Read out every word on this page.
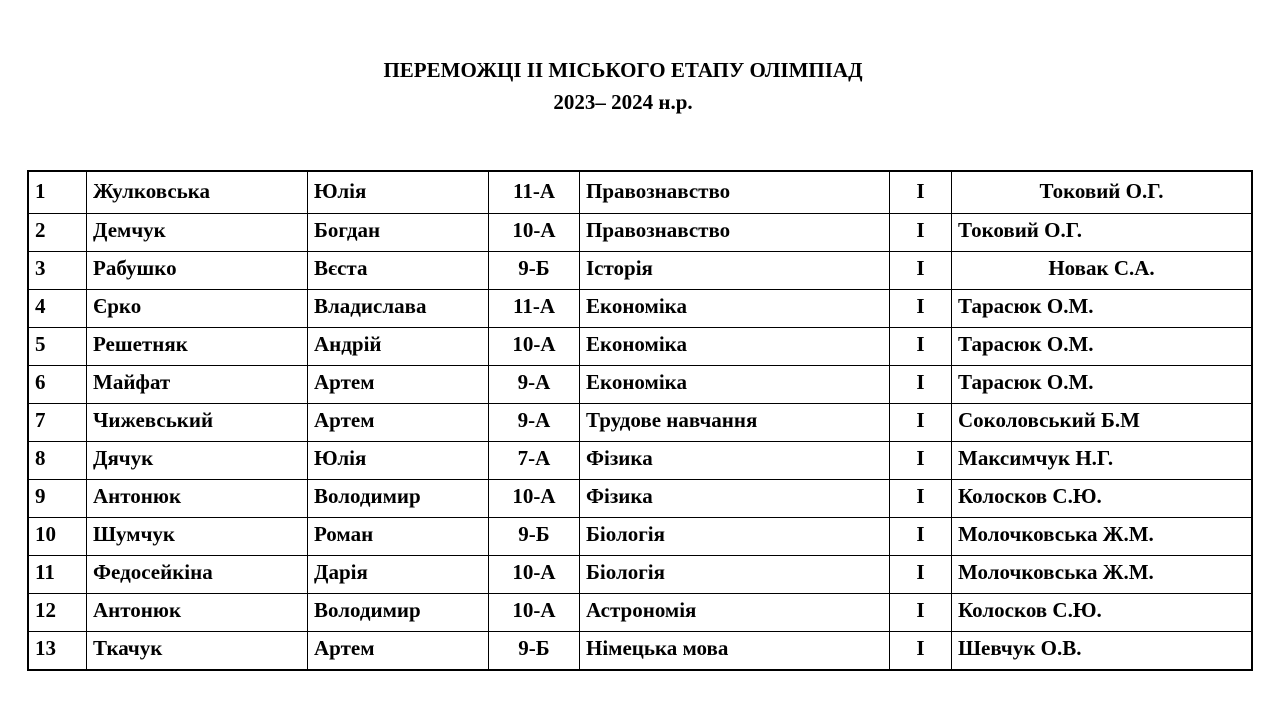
ПЕРЕМОЖЦІ ІІ МІСЬКОГО ЕТАПУ ОЛІМПІАД
2023– 2024 н.р.
1	Жулковська	Юлія	11-А	Правознавство	І	Токовий О.Г.
2	Демчук	Богдан	10-А	Правознавство	І	Токовий О.Г.
3	Рабушко	Вєста	9-Б	Історія	І	Новак С.А.
4	Єрко	Владислава	11-А	Економіка	І	Тарасюк О.М.
5	Решетняк	Андрій	10-А	Економіка	І	Тарасюк О.М.
6	Майфат	Артем	9-А	Економіка	І	Тарасюк О.М.
7	Чижевський	Артем	9-А	Трудове навчання	І	Соколовський Б.М
8	Дячук	Юлія	7-А	Фізика	І	Максимчук Н.Г.
9	Антонюк	Володимир	10-А	Фізика	І	Колосков С.Ю.
10	Шумчук	Роман	9-Б	Біологія	І	Молочковська Ж.М.
11	Федосейкіна	Дарія	10-А	Біологія	І	Молочковська Ж.М.
12	Антонюк	Володимир	10-А	Астрономія	І	Колосков С.Ю.
13	Ткачук	Артем	9-Б	Німецька мова	І	Шевчук О.В.
